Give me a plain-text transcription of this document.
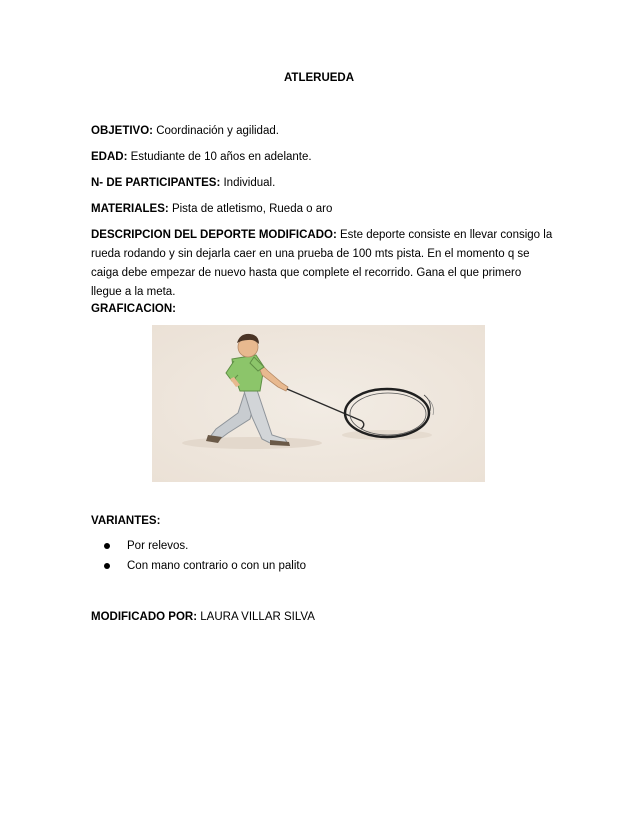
ATLERUEDA
OBJETIVO: Coordinación y agilidad.
EDAD: Estudiante de 10 años en adelante.
N- DE PARTICIPANTES: Individual.
MATERIALES: Pista de atletismo, Rueda o aro
DESCRIPCION DEL DEPORTE MODIFICADO: Este deporte consiste en llevar consigo la
rueda rodando y sin dejarla caer en una prueba de 100 mts pista. En el momento q se
caiga debe empezar de nuevo hasta que complete el recorrido. Gana el que primero
llegue a la meta.
GRAFICACION:
VARIANTES:
Por relevos.
Con mano contrario o con un palito
MODIFICADO POR: LAURA VILLAR SILVA
